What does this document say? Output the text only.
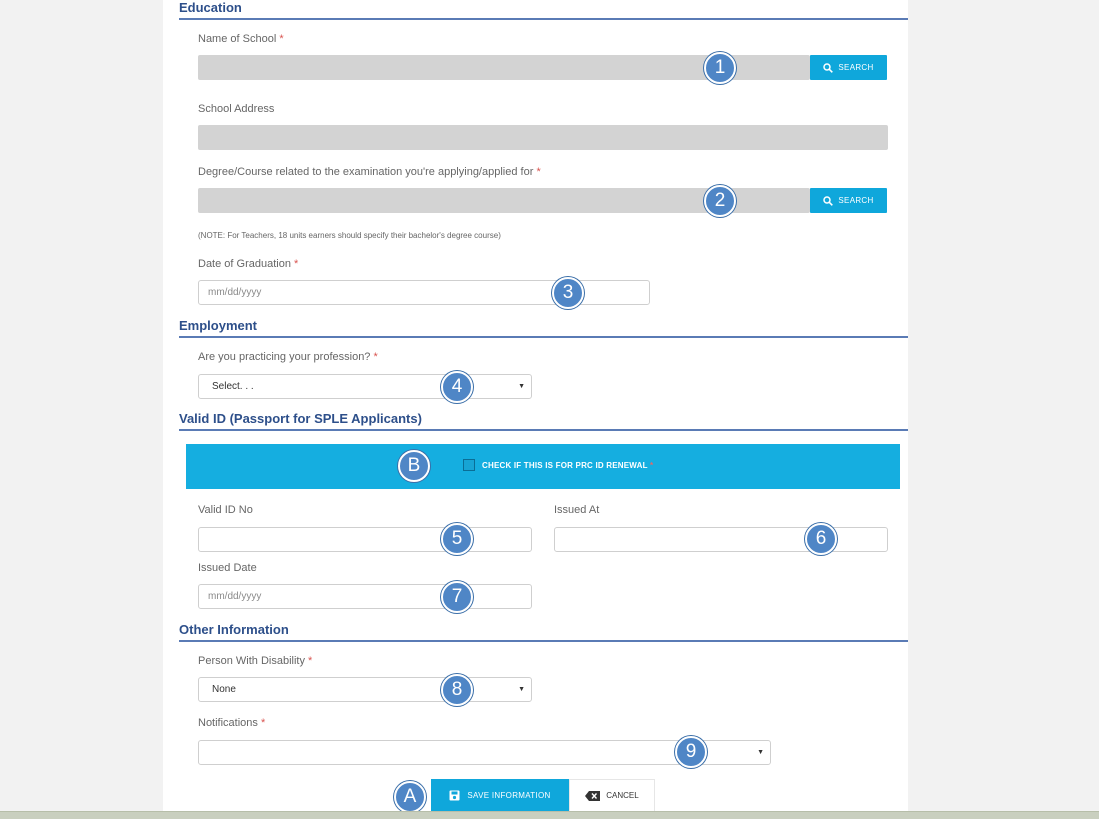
Education
Name of School *
SEARCH
School Address
Degree/Course related to the examination you're applying/applied for *
SEARCH
(NOTE: For Teachers, 18 units earners should specify their bachelor's degree course)
Date of Graduation *
mm/dd/yyyy
Employment
Are you practicing your profession? *
Select. . .	▼
Valid ID (Passport for SPLE Applicants)
CHECK IF THIS IS FOR PRC ID RENEWAL *
Valid ID No	Issued At
Issued Date
mm/dd/yyyy
Other Information
Person With Disability *
None	▼
Notifications *
▼
SAVE INFORMATION	CANCEL
1
2
3
4
B
5	6
7
8
9
A
